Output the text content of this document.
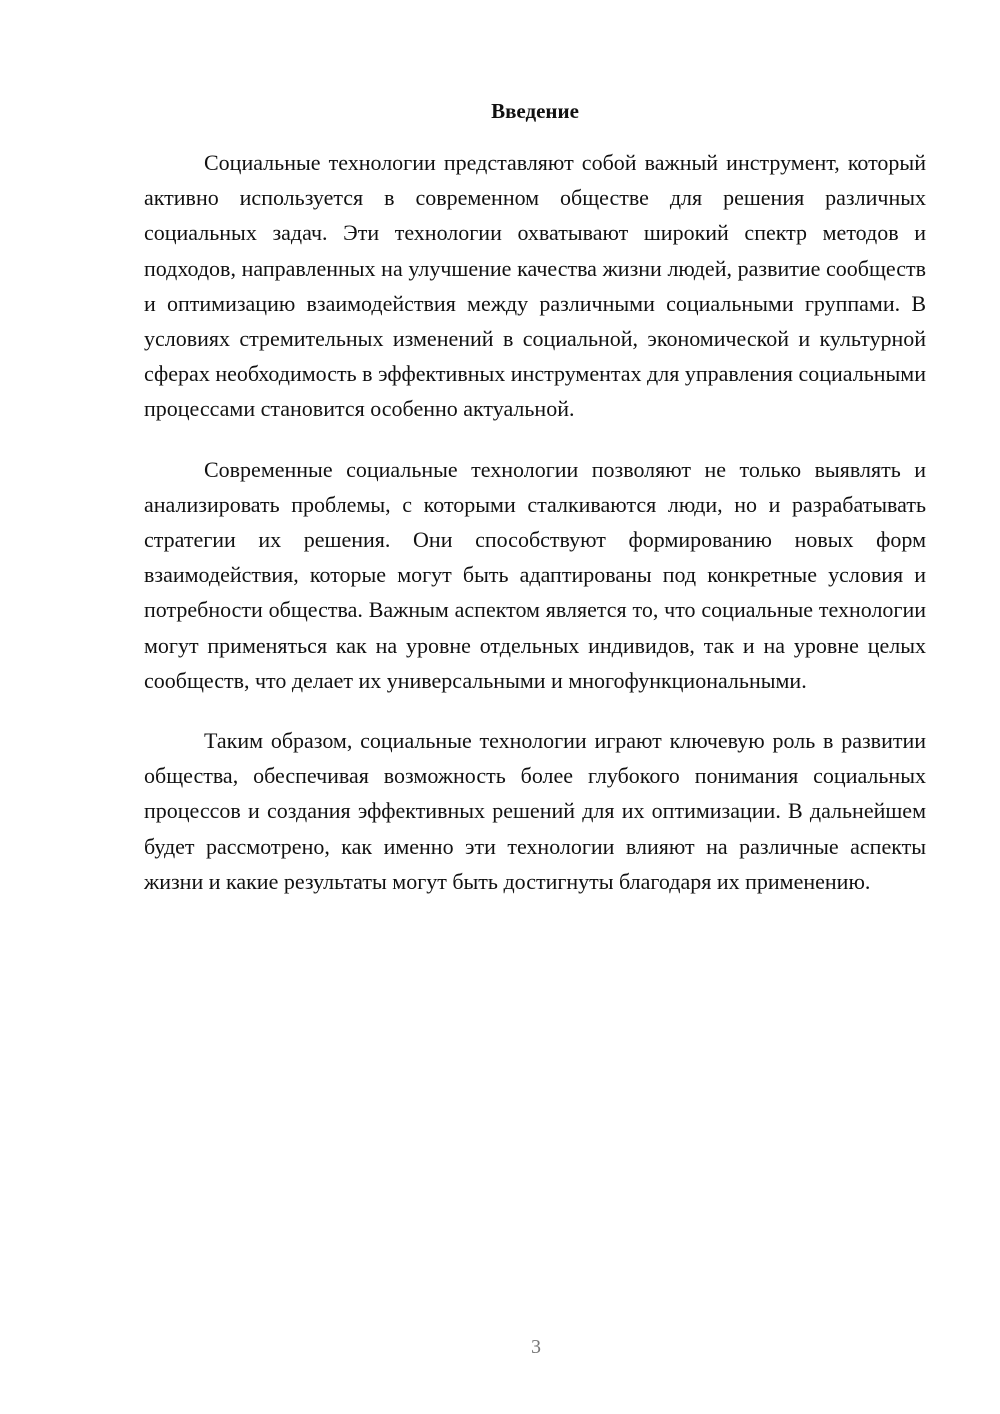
Введение

Социальные технологии представляют собой важный инструмент, который активно используется в современном обществе для решения различных социальных задач. Эти технологии охватывают широкий спектр методов и подходов, направленных на улучшение качества жизни людей, развитие сообществ и оптимизацию взаимодействия между различными социальными группами. В условиях стремительных изменений в социальной, экономической и культурной сферах необходимость в эффективных инструментах для управления социальными процессами становится особенно актуальной.

Современные социальные технологии позволяют не только выявлять и анализировать проблемы, с которыми сталкиваются люди, но и разрабатывать стратегии их решения. Они способствуют формированию новых форм взаимодействия, которые могут быть адаптированы под конкретные условия и потребности общества. Важным аспектом является то, что социальные технологии могут применяться как на уровне отдельных индивидов, так и на уровне целых сообществ, что делает их универсальными и многофункциональными.

Таким образом, социальные технологии играют ключевую роль в развитии общества, обеспечивая возможность более глубокого понимания социальных процессов и создания эффективных решений для их оптимизации. В дальнейшем будет рассмотрено, как именно эти технологии влияют на различные аспекты жизни и какие результаты могут быть достигнуты благодаря их применению.

3
